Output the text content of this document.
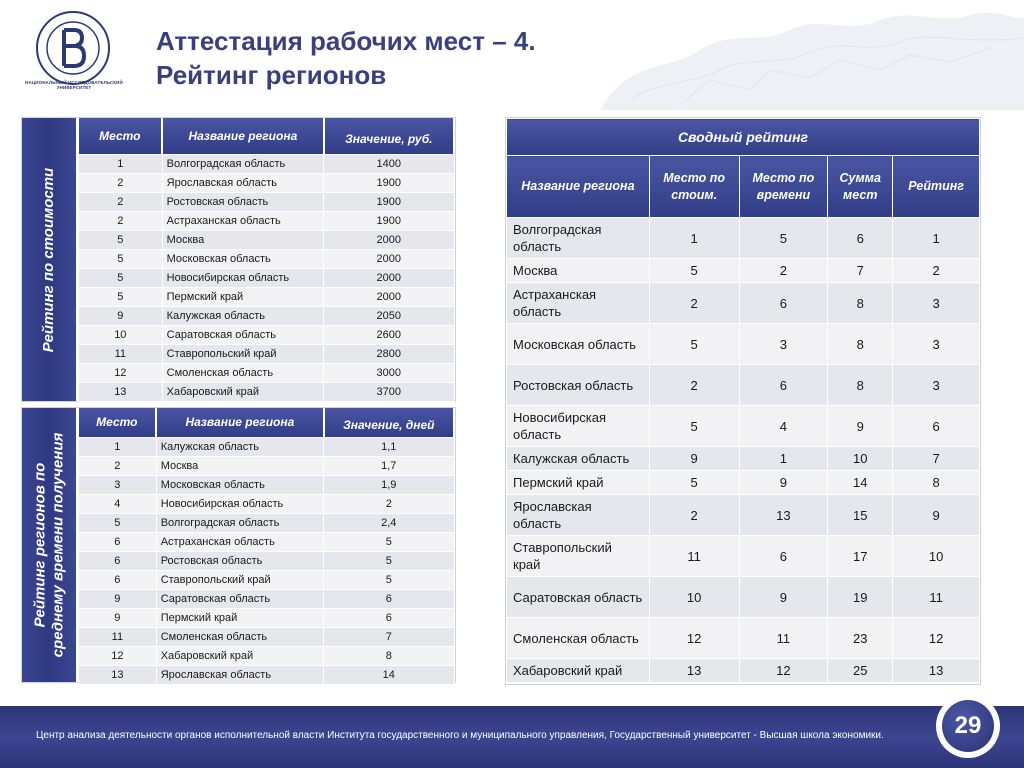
НАЦИОНАЛЬНЫЙ ИССЛЕДОВАТЕЛЬСКИЙ УНИВЕРСИТЕТ
Аттестация рабочих мест – 4.
Рейтинг регионов
Рейтинг по стоимости
Место	Название региона	Значение, руб.
1	Волгоградская область	1400
2	Ярославская область	1900
2	Ростовская область	1900
2	Астраханская область	1900
5	Москва	2000
5	Московская область	2000
5	Новосибирская область	2000
5	Пермский край	2000
9	Калужская область	2050
10	Саратовская область	2600
11	Ставропольский край	2800
12	Смоленская область	3000
13	Хабаровский край	3700
Рейтинг регионов по среднему времени получения
Место	Название региона	Значение, дней
1	Калужская область	1,1
2	Москва	1,7
3	Московская область	1,9
4	Новосибирская область	2
5	Волгоградская область	2,4
6	Астраханская область	5
6	Ростовская область	5
6	Ставропольский край	5
9	Саратовская область	6
9	Пермский край	6
11	Смоленская область	7
12	Хабаровский край	8
13	Ярославская область	14
Сводный рейтинг				
Название региона	Место по стоим.	Место по времени	Сумма мест	Рейтинг
Волгоградская область	1	5	6	1
Москва	5	2	7	2
Астраханская область	2	6	8	3
Московская область	5	3	8	3
Ростовская область	2	6	8	3
Новосибирская область	5	4	9	6
Калужская область	9	1	10	7
Пермский край	5	9	14	8
Ярославская область	2	13	15	9
Ставропольский край	11	6	17	10
Саратовская область	10	9	19	11
Смоленская область	12	11	23	12
Хабаровский край	13	12	25	13
Центр анализа деятельности органов исполнительной власти Института государственного и муниципального управления, Государственный университет - Высшая школа экономики.	29
